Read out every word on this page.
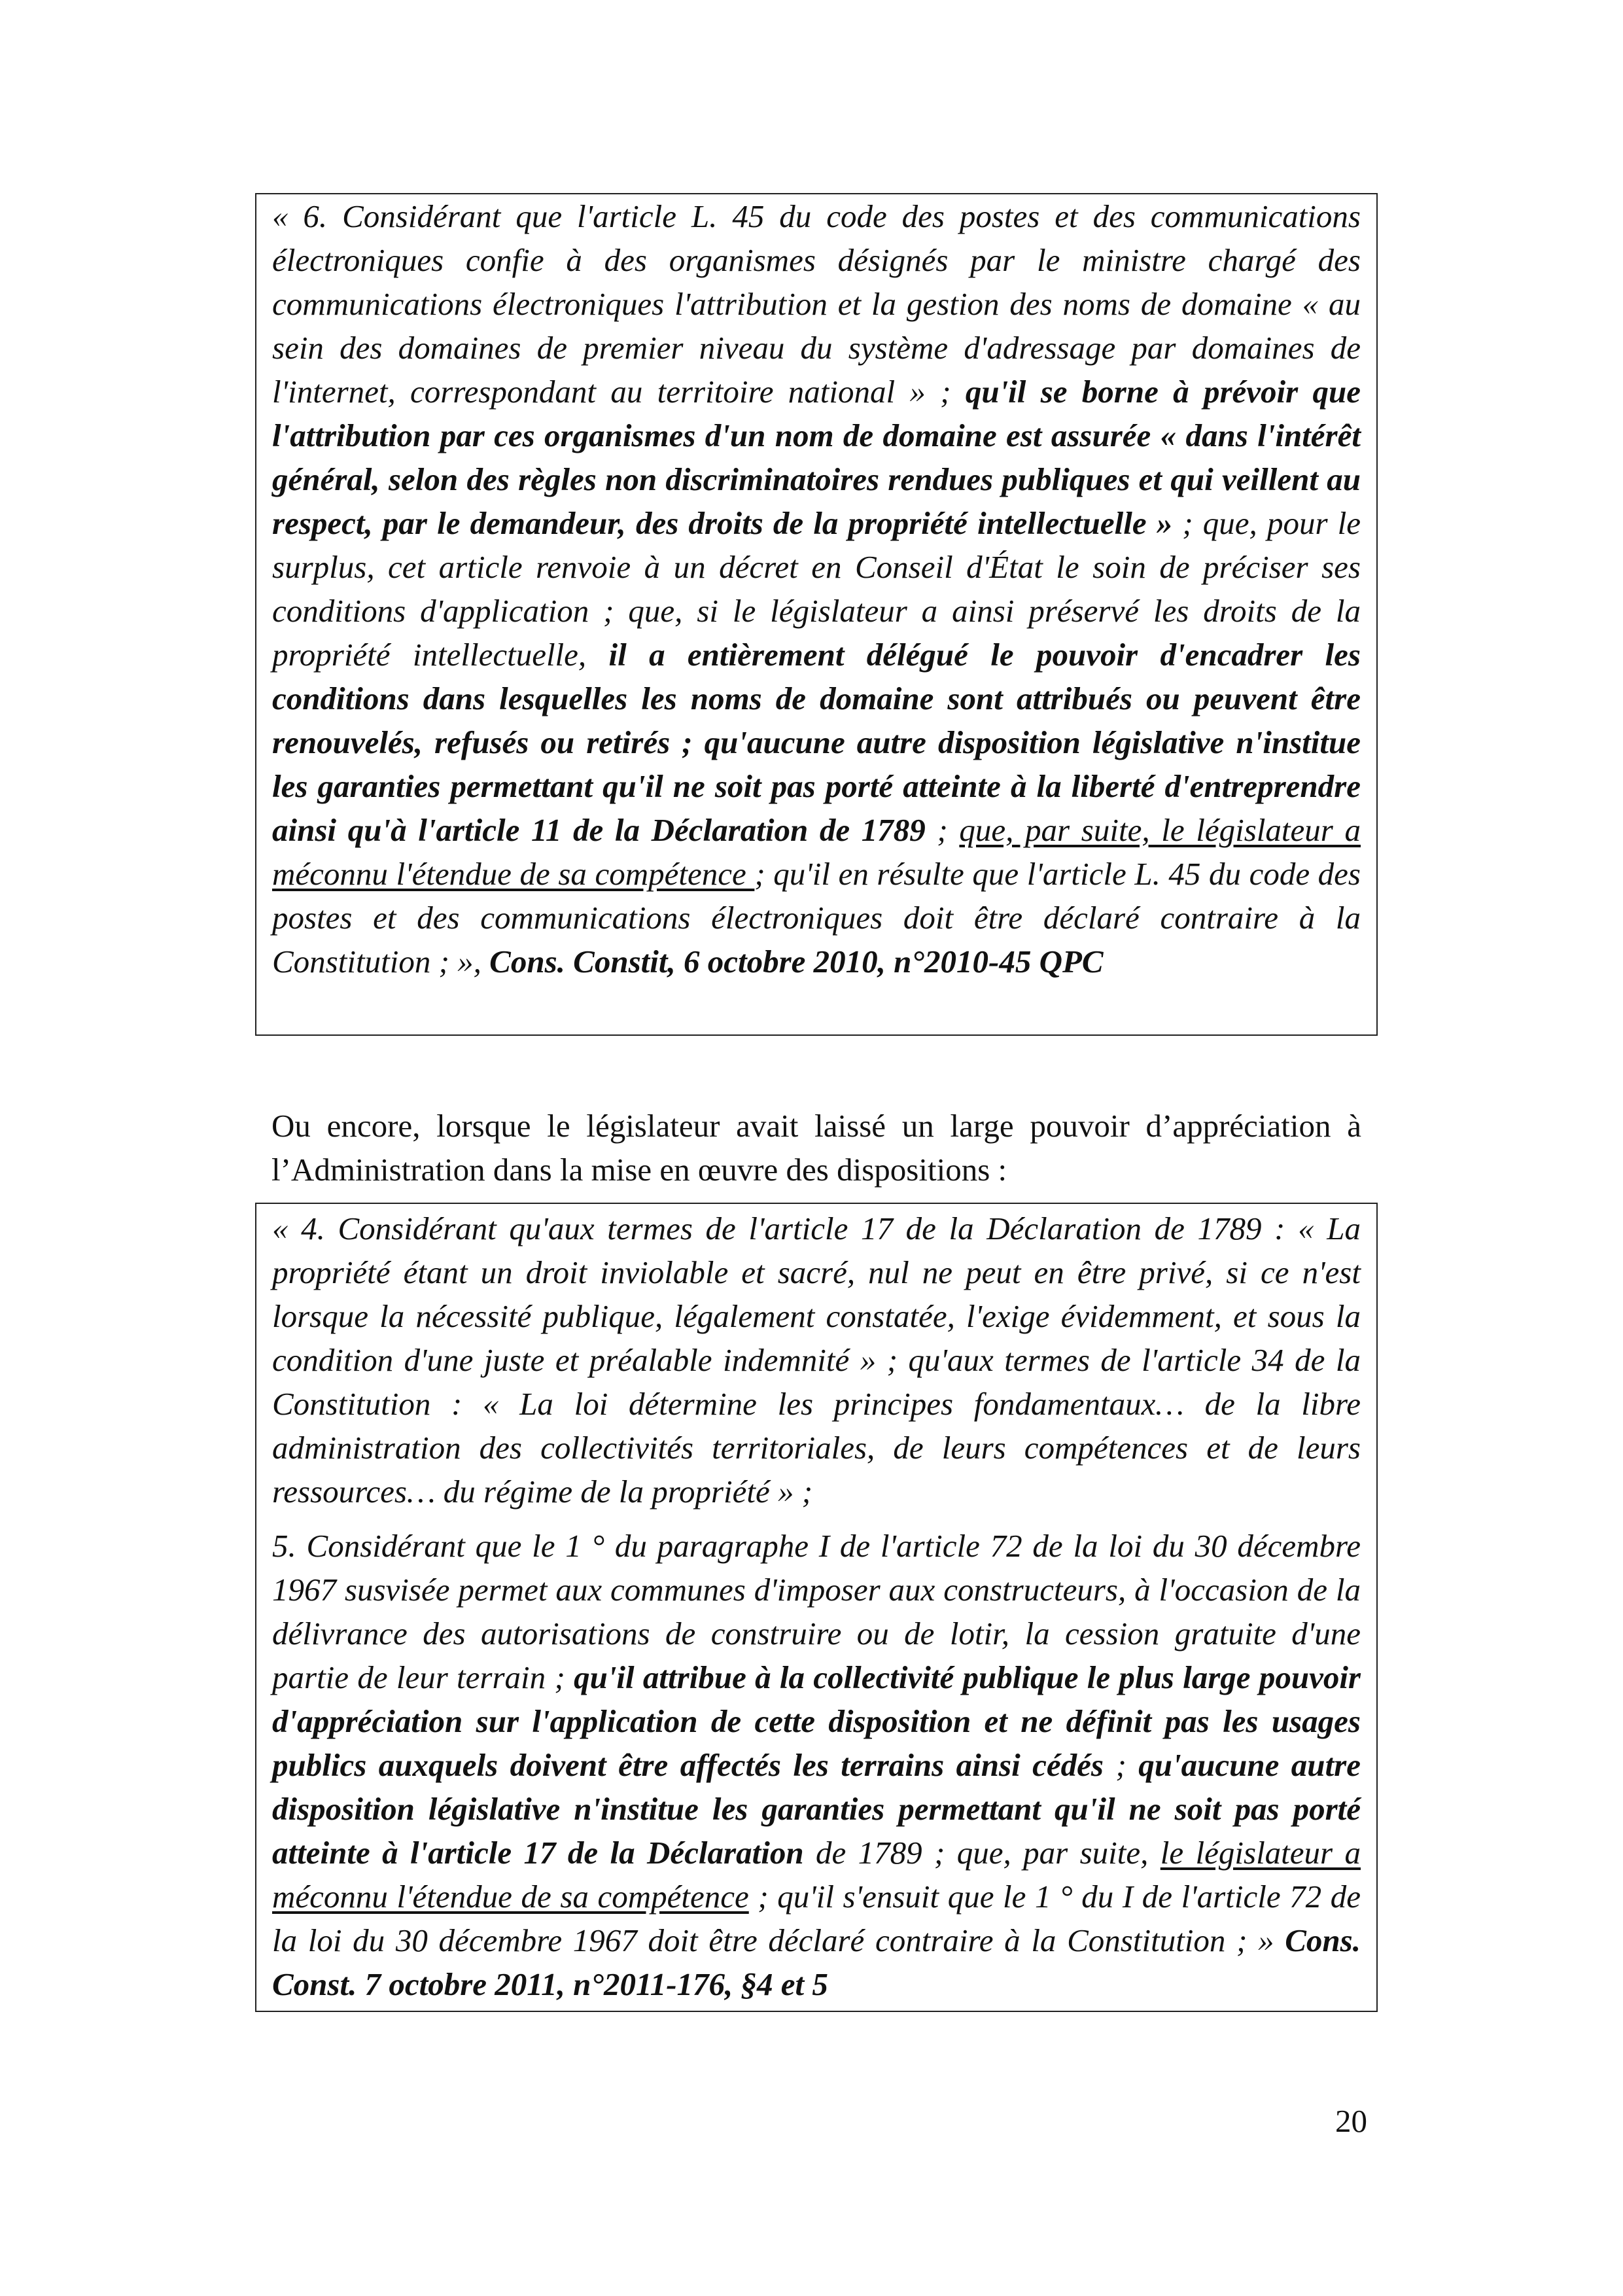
« 6. Considérant que l'article L. 45 du code des postes et des communications électroniques confie à des organismes désignés par le ministre chargé des communications électroniques l'attribution et la gestion des noms de domaine « au sein des domaines de premier niveau du système d'adressage par domaines de l'internet, correspondant au territoire national » ; qu'il se borne à prévoir que l'attribution par ces organismes d'un nom de domaine est assurée « dans l'intérêt général, selon des règles non discriminatoires rendues publiques et qui veillent au respect, par le demandeur, des droits de la propriété intellectuelle » ; que, pour le surplus, cet article renvoie à un décret en Conseil d'État le soin de préciser ses conditions d'application ; que, si le législateur a ainsi préservé les droits de la propriété intellectuelle, il a entièrement délégué le pouvoir d'encadrer les conditions dans lesquelles les noms de domaine sont attribués ou peuvent être renouvelés, refusés ou retirés ; qu'aucune autre disposition législative n'institue les garanties permettant qu'il ne soit pas porté atteinte à la liberté d'entreprendre ainsi qu'à l'article 11 de la Déclaration de 1789 ; que, par suite, le législateur a méconnu l'étendue de sa compétence ; qu'il en résulte que l'article L. 45 du code des postes et des communications électroniques doit être déclaré contraire à la Constitution ; », Cons. Constit, 6 octobre 2010, n°2010-45 QPC

Ou encore, lorsque le législateur avait laissé un large pouvoir d’appréciation à l’Administration dans la mise en œuvre des dispositions :

« 4. Considérant qu'aux termes de l'article 17 de la Déclaration de 1789 : « La propriété étant un droit inviolable et sacré, nul ne peut en être privé, si ce n'est lorsque la nécessité publique, légalement constatée, l'exige évidemment, et sous la condition d'une juste et préalable indemnité » ; qu'aux termes de l'article 34 de la Constitution : « La loi détermine les principes fondamentaux… de la libre administration des collectivités territoriales, de leurs compétences et de leurs ressources… du régime de la propriété » ;

5. Considérant que le 1 ° du paragraphe I de l'article 72 de la loi du 30 décembre 1967 susvisée permet aux communes d'imposer aux constructeurs, à l'occasion de la délivrance des autorisations de construire ou de lotir, la cession gratuite d'une partie de leur terrain ; qu'il attribue à la collectivité publique le plus large pouvoir d'appréciation sur l'application de cette disposition et ne définit pas les usages publics auxquels doivent être affectés les terrains ainsi cédés ; qu'aucune autre disposition législative n'institue les garanties permettant qu'il ne soit pas porté atteinte à l'article 17 de la Déclaration de 1789 ; que, par suite, le législateur a méconnu l'étendue de sa compétence ; qu'il s'ensuit que le 1 ° du I de l'article 72 de la loi du 30 décembre 1967 doit être déclaré contraire à la Constitution ; » Cons. Const. 7 octobre 2011, n°2011-176, §4 et 5

20
